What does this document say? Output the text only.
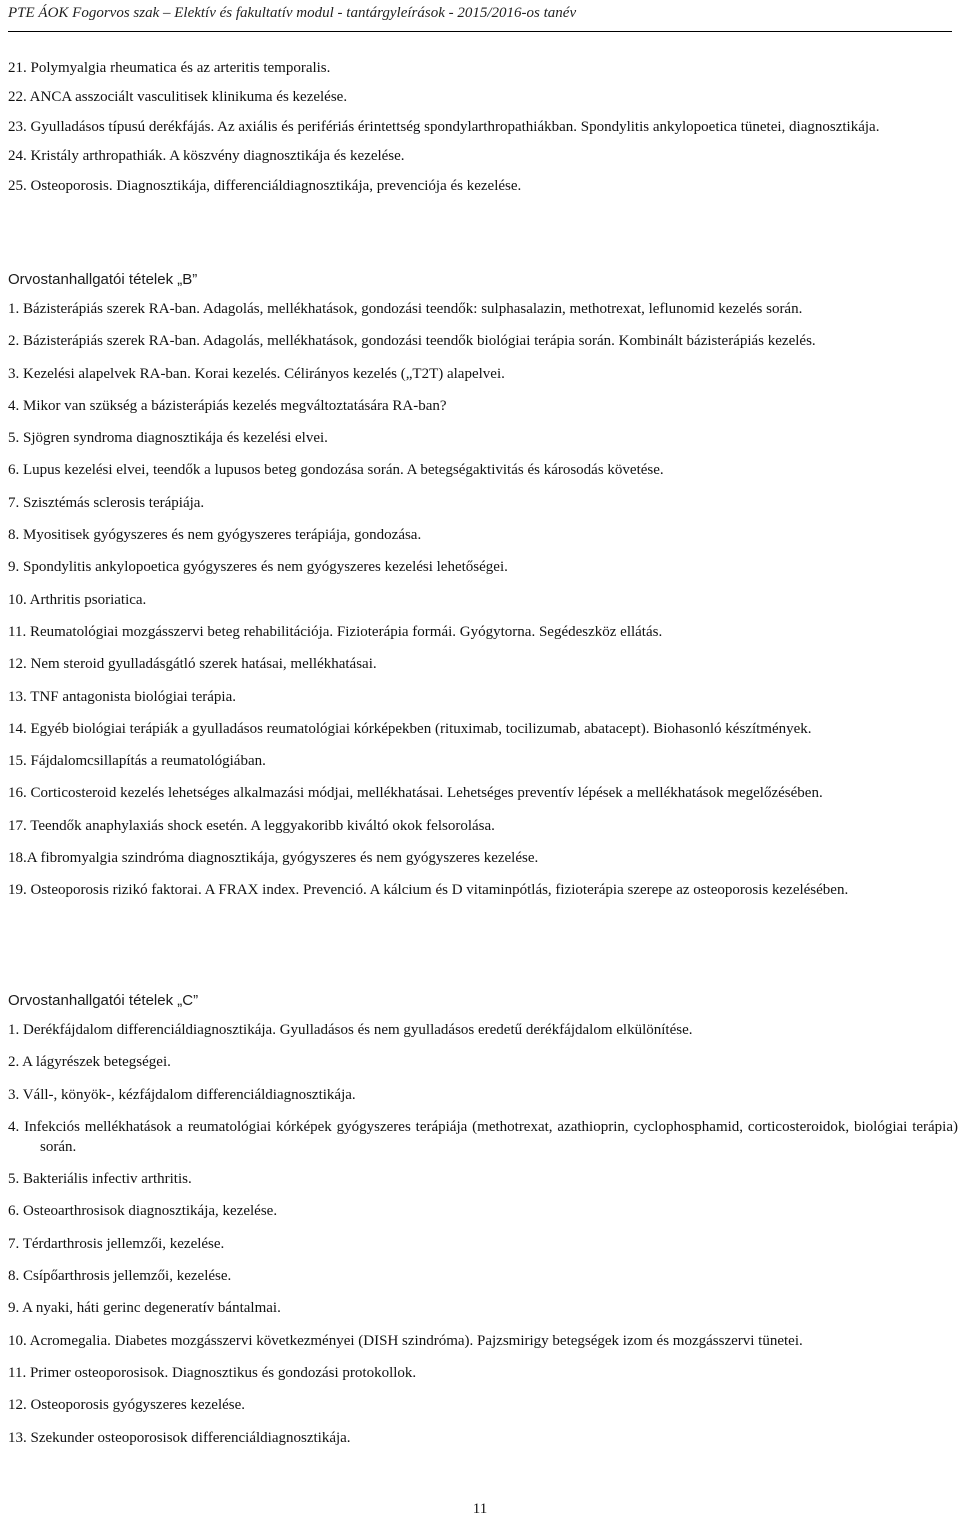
PTE ÁOK Fogorvos szak – Elektív és fakultatív modul - tantárgyleírások - 2015/2016-os tanév
21. Polymyalgia rheumatica és az arteritis temporalis.
22. ANCA asszociált vasculitisek klinikuma és kezelése.
23. Gyulladásos típusú derékfájás. Az axiális és perifériás érintettség spondylarthropathiákban. Spondylitis ankylopoetica tünetei, diagnosztikája.
24. Kristály arthropathiák. A köszvény diagnosztikája és kezelése.
25. Osteoporosis. Diagnosztikája, differenciáldiagnosztikája, prevenciója és kezelése.
Orvostanhallgatói tételek „B”
1. Bázisterápiás szerek RA-ban. Adagolás, mellékhatások, gondozási teendők: sulphasalazin, methotrexat, leflunomid kezelés során.
2. Bázisterápiás szerek RA-ban. Adagolás, mellékhatások, gondozási teendők biológiai terápia során. Kombinált bázisterápiás kezelés.
3. Kezelési alapelvek RA-ban. Korai kezelés. Célirányos kezelés („T2T) alapelvei.
4. Mikor van szükség a bázisterápiás kezelés megváltoztatására RA-ban?
5. Sjögren syndroma diagnosztikája és kezelési elvei.
6. Lupus kezelési elvei, teendők a lupusos beteg gondozása során. A betegségaktivitás és károsodás követése.
7. Szisztémás sclerosis terápiája.
8. Myositisek gyógyszeres és nem gyógyszeres terápiája, gondozása.
9. Spondylitis ankylopoetica gyógyszeres és nem gyógyszeres kezelési lehetőségei.
10. Arthritis psoriatica.
11. Reumatológiai mozgásszervi beteg rehabilitációja. Fizioterápia formái. Gyógytorna. Segédeszköz ellátás.
12. Nem steroid gyulladásgátló szerek hatásai, mellékhatásai.
13. TNF antagonista biológiai terápia.
14. Egyéb biológiai terápiák a gyulladásos reumatológiai kórképekben (rituximab, tocilizumab, abatacept). Biohasonló készítmények.
15. Fájdalomcsillapítás a reumatológiában.
16. Corticosteroid kezelés lehetséges alkalmazási módjai, mellékhatásai. Lehetséges preventív lépések a mellékhatások megelőzésében.
17. Teendők anaphylaxiás shock esetén. A leggyakoribb kiváltó okok felsorolása.
18.A fibromyalgia szindróma diagnosztikája, gyógyszeres és nem gyógyszeres kezelése.
19. Osteoporosis rizikó faktorai. A FRAX index. Prevenció. A kálcium és D vitaminpótlás, fizioterápia szerepe az osteoporosis kezelésében.
Orvostanhallgatói tételek „C”
1. Derékfájdalom differenciáldiagnosztikája. Gyulladásos és nem gyulladásos eredetű derékfájdalom elkülönítése.
2. A lágyrészek betegségei.
3. Váll-, könyök-, kézfájdalom differenciáldiagnosztikája.
4. Infekciós mellékhatások a reumatológiai kórképek gyógyszeres terápiája (methotrexat, azathioprin, cyclophosphamid, corticosteroidok, biológiai terápia) során.
5. Bakteriális infectiv arthritis.
6. Osteoarthrosisok diagnosztikája, kezelése.
7. Térdarthrosis jellemzői, kezelése.
8. Csípőarthrosis jellemzői, kezelése.
9. A nyaki, háti gerinc degeneratív bántalmai.
10. Acromegalia. Diabetes mozgásszervi következményei (DISH szindróma). Pajzsmirigy betegségek izom és mozgásszervi tünetei.
11. Primer osteoporosisok. Diagnosztikus és gondozási protokollok.
12. Osteoporosis gyógyszeres kezelése.
13. Szekunder osteoporosisok differenciáldiagnosztikája.
11
